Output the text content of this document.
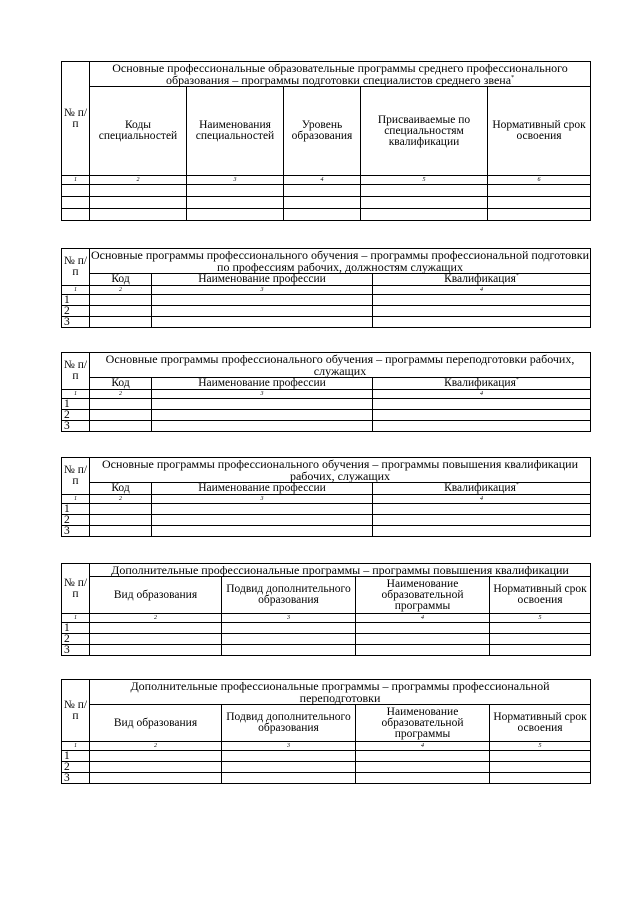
№ п/п	Основные профессиональные образовательные программы среднего профессионального образования – программы подготовки специалистов среднего звена*
	Коды специальностей	Наименования специальностей	Уровень образования	Присваиваемые по специальностям квалификации	Нормативный срок освоения
1	2	3	4	5	6

№ п/п	Основные программы профессионального обучения – программы профессиональной подготовки по профессиям рабочих, должностям служащих		
	Код	Наименование профессии	Квалификация*
1	2	3	4
1			
2			
3			
№ п/п	Основные программы профессионального обучения – программы переподготовки рабочих, служащих		
	Код	Наименование профессии	Квалификация*
1	2	3	4
1			
2			
3			
№ п/п	Основные программы профессионального обучения – программы повышения квалификации рабочих, служащих		
	Код	Наименование профессии	Квалификация*
1	2	3	4
1			
2			
3			
№ п/п	Дополнительные профессиональные программы – программы повышения квалификации			
	Вид образования	Подвид дополнительного образования	Наименование образовательной программы	Нормативный срок освоения
1	2	3	4	5
1				
2				
3				
№ п/п	Дополнительные профессиональные программы – программы профессиональной переподготовки			
	Вид образования	Подвид дополнительного образования	Наименование образовательной программы	Нормативный срок освоения
1	2	3	4	5
1				
2				
3				
